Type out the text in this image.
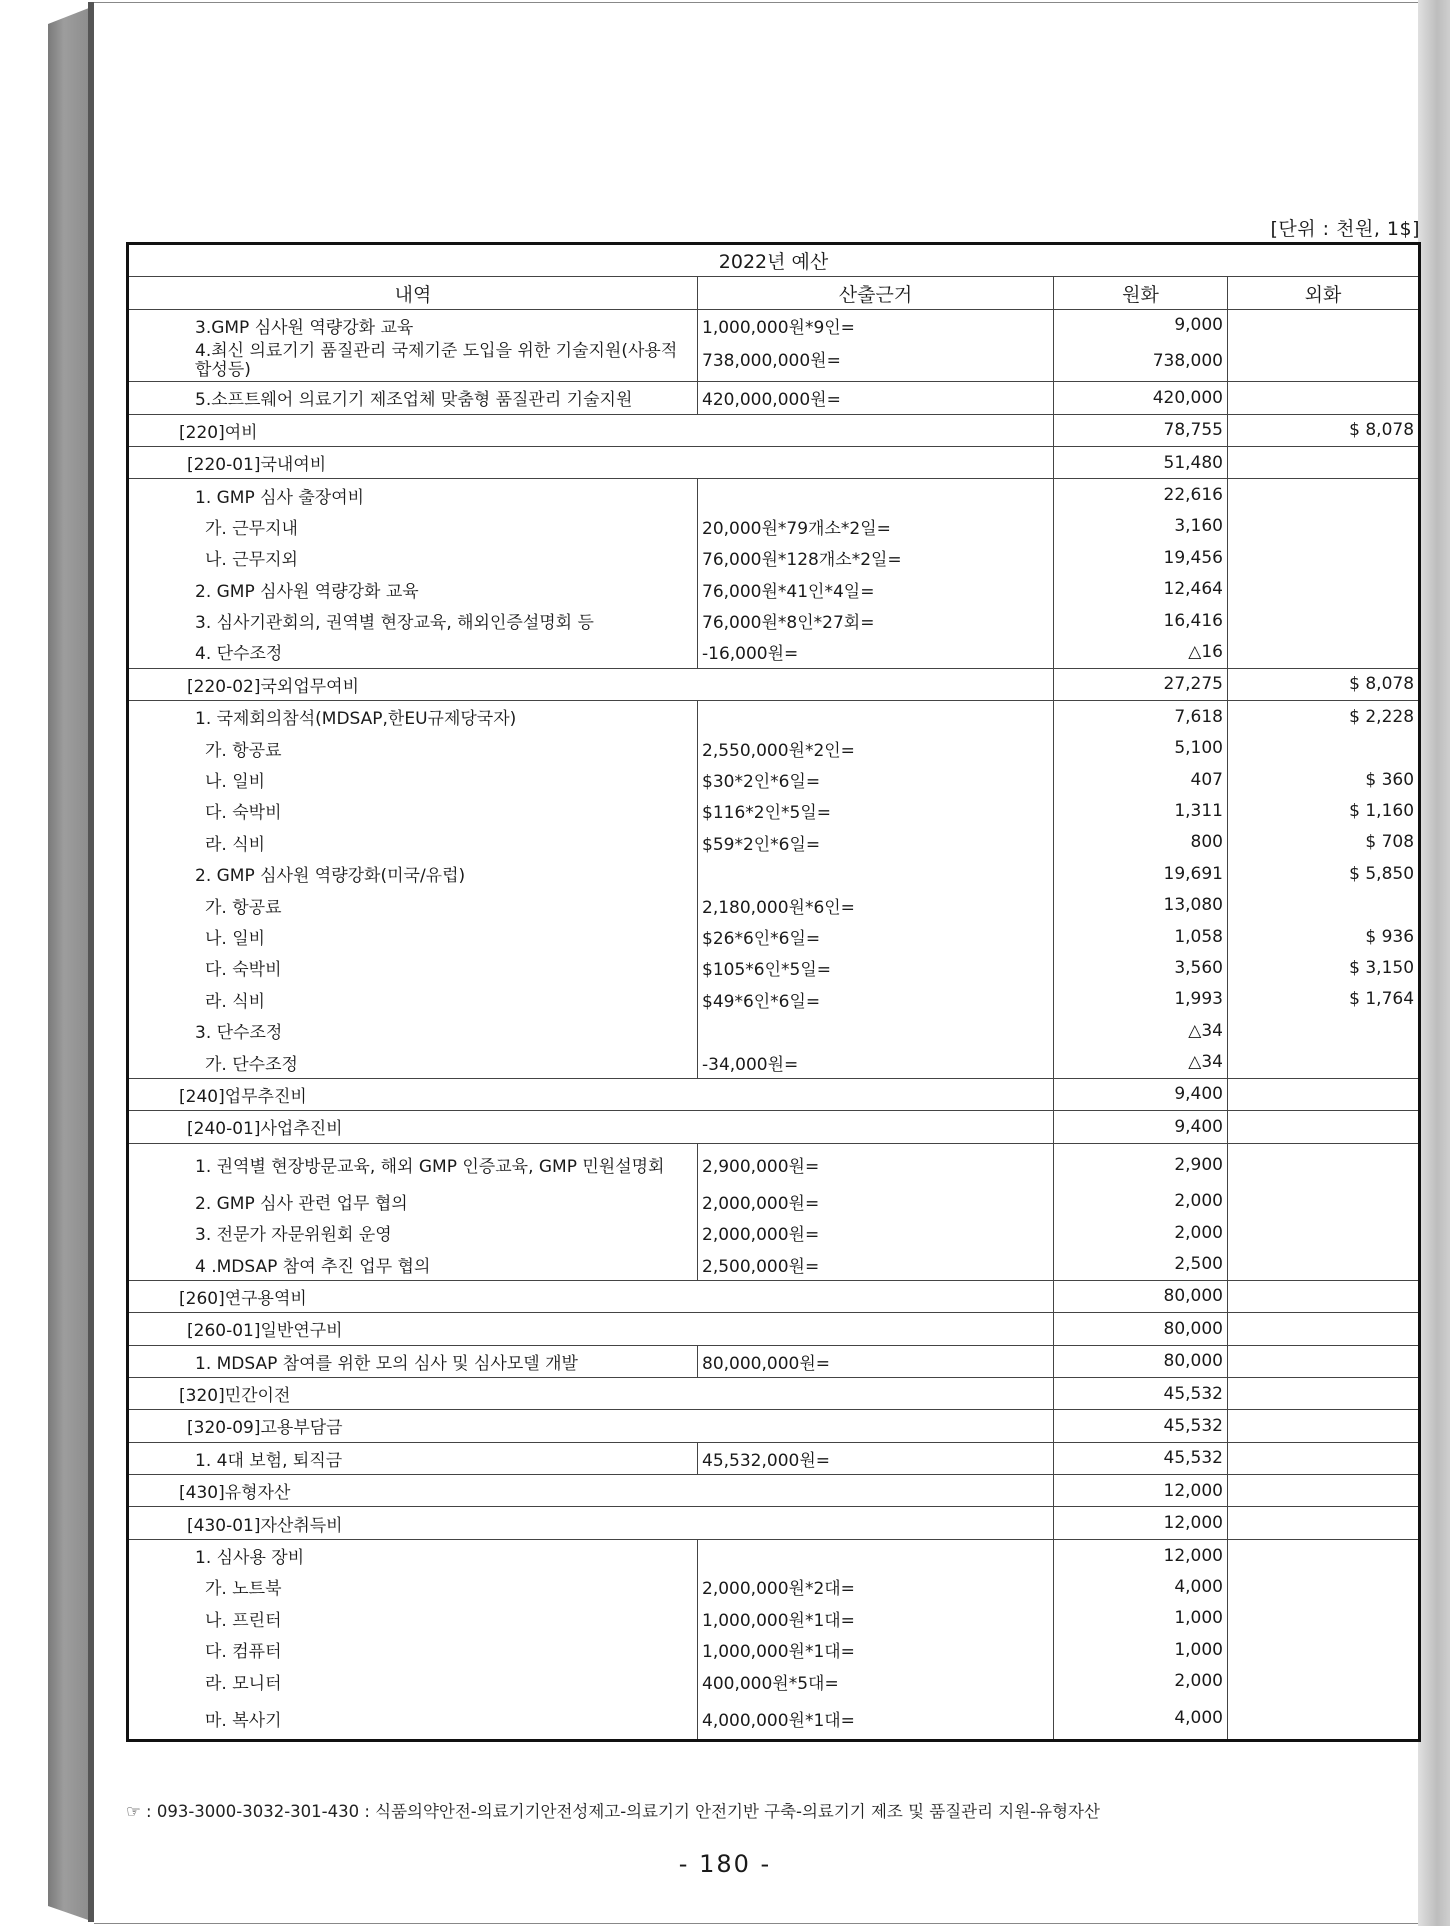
[단위 : 천원, 1$]
2022년 예산			
내역	산출근거	원화	외화
3.GMP 심사원 역량강화 교육	1,000,000원*9인=	9,000	
4.최신 의료기기 품질관리 국제기준 도입을 위한 기술지원(사용적합성등)	738,000,000원=	738,000	
5.소프트웨어 의료기기 제조업체 맞춤형 품질관리 기술지원	420,000,000원=	420,000	
[220]여비		78,755	$ 8,078
[220-01]국내여비		51,480	
1. GMP 심사 출장여비		22,616	
가. 근무지내	20,000원*79개소*2일=	3,160	
나. 근무지외	76,000원*128개소*2일=	19,456	
2. GMP 심사원 역량강화 교육	76,000원*41인*4일=	12,464	
3. 심사기관회의, 권역별 현장교육, 해외인증설명회 등	76,000원*8인*27회=	16,416	
4. 단수조정	-16,000원=	△16	
[220-02]국외업무여비		27,275	$ 8,078
1. 국제회의참석(MDSAP,한EU규제당국자)		7,618	$ 2,228
가. 항공료	2,550,000원*2인=	5,100	
나. 일비	$30*2인*6일=	407	$ 360
다. 숙박비	$116*2인*5일=	1,311	$ 1,160
라. 식비	$59*2인*6일=	800	$ 708
2. GMP 심사원 역량강화(미국/유럽)		19,691	$ 5,850
가. 항공료	2,180,000원*6인=	13,080	
나. 일비	$26*6인*6일=	1,058	$ 936
다. 숙박비	$105*6인*5일=	3,560	$ 3,150
라. 식비	$49*6인*6일=	1,993	$ 1,764
3. 단수조정		△34	
가. 단수조정	-34,000원=	△34	
[240]업무추진비		9,400	
[240-01]사업추진비		9,400	
1. 권역별 현장방문교육, 해외 GMP 인증교육, GMP 민원설명회	2,900,000원=	2,900	
2. GMP 심사 관련 업무 협의	2,000,000원=	2,000	
3. 전문가 자문위원회 운영	2,000,000원=	2,000	
4 .MDSAP 참여 추진 업무 협의	2,500,000원=	2,500	
[260]연구용역비		80,000	
[260-01]일반연구비		80,000	
1. MDSAP 참여를 위한 모의 심사 및 심사모델 개발	80,000,000원=	80,000	
[320]민간이전		45,532	
[320-09]고용부담금		45,532	
1. 4대 보험, 퇴직금	45,532,000원=	45,532	
[430]유형자산		12,000	
[430-01]자산취득비		12,000	
1. 심사용 장비		12,000	
가. 노트북	2,000,000원*2대=	4,000	
나. 프린터	1,000,000원*1대=	1,000	
다. 컴퓨터	1,000,000원*1대=	1,000	
라. 모니터	400,000원*5대=	2,000	
마. 복사기	4,000,000원*1대=	4,000	
☞ : 093-3000-3032-301-430 : 식품의약안전-의료기기안전성제고-의료기기 안전기반 구축-의료기기 제조 및 품질관리 지원-유형자산
- 180 -
